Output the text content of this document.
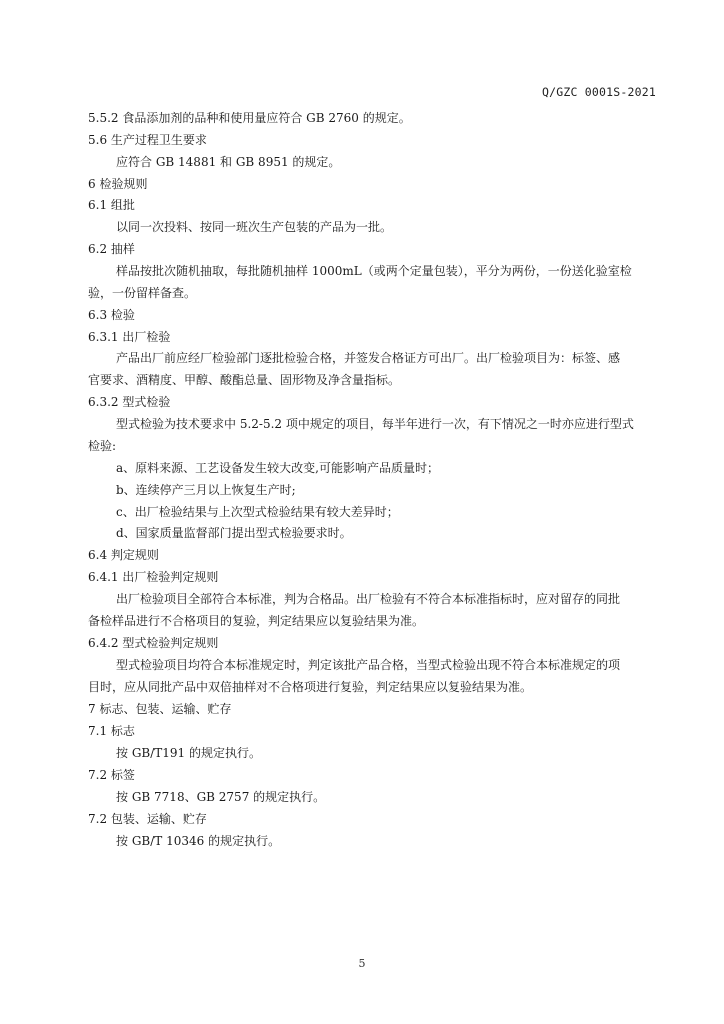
Q/GZC 0001S-2021
5.5.2 食品添加剂的品种和使用量应符合 GB 2760 的规定。
5.6 生产过程卫生要求
应符合 GB 14881 和 GB 8951 的规定。
6 检验规则
6.1 组批
以同一次投料、按同一班次生产包装的产品为一批。
6.2 抽样
样品按批次随机抽取，每批随机抽样 1000mL（或两个定量包装），平分为两份，一份送化验室检
验，一份留样备查。
6.3 检验
6.3.1 出厂检验
产品出厂前应经厂检验部门逐批检验合格，并签发合格证方可出厂。出厂检验项目为：标签、感
官要求、酒精度、甲醇、酸酯总量、固形物及净含量指标。
6.3.2 型式检验
型式检验为技术要求中 5.2-5.2 项中规定的项目，每半年进行一次，有下情况之一时亦应进行型式
检验:
a、原料来源、工艺设备发生较大改变,可能影响产品质量时；
b、连续停产三月以上恢复生产时;
c、出厂检验结果与上次型式检验结果有较大差异时；
d、国家质量监督部门提出型式检验要求时。
6.4 判定规则
6.4.1 出厂检验判定规则
出厂检验项目全部符合本标准，判为合格品。出厂检验有不符合本标准指标时，应对留存的同批
备检样品进行不合格项目的复验，判定结果应以复验结果为准。
6.4.2 型式检验判定规则
型式检验项目均符合本标准规定时，判定该批产品合格，当型式检验出现不符合本标准规定的项
目时，应从同批产品中双倍抽样对不合格项进行复验，判定结果应以复验结果为准。
7 标志、包装、运输、贮存
7.1 标志
按 GB/T191 的规定执行。
7.2 标签
按 GB 7718、GB 2757 的规定执行。
7.2 包装、运输、贮存
按 GB/T 10346 的规定执行。
5
